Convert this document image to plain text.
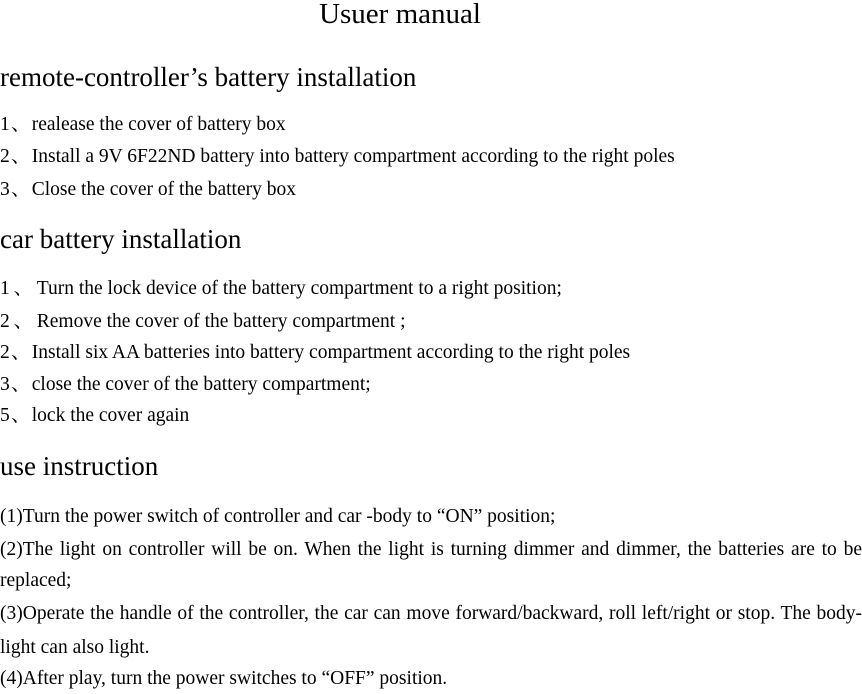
Usuer manual
remote-controller’s battery installation
1、realease the cover of battery box
2、Install a 9V 6F22ND battery into battery compartment according to the right poles
3、Close the cover of the battery box
car battery installation
1 、 Turn the lock device of the battery compartment to a right position;
2 、 Remove the cover of the battery compartment ;
2、Install six AA batteries into battery compartment according to the right poles
3、close the cover of the battery compartment;
5、lock the cover again
use instruction
(1)Turn the power switch of controller and car -body to “ON” position;
(2)The light on controller will be on. When the light is turning dimmer and dimmer, the batteries are to be replaced;
(3)Operate the handle of the controller, the car can move forward/backward, roll left/right or stop. The body-light can also light.
(4)After play, turn the power switches to “OFF” position.
